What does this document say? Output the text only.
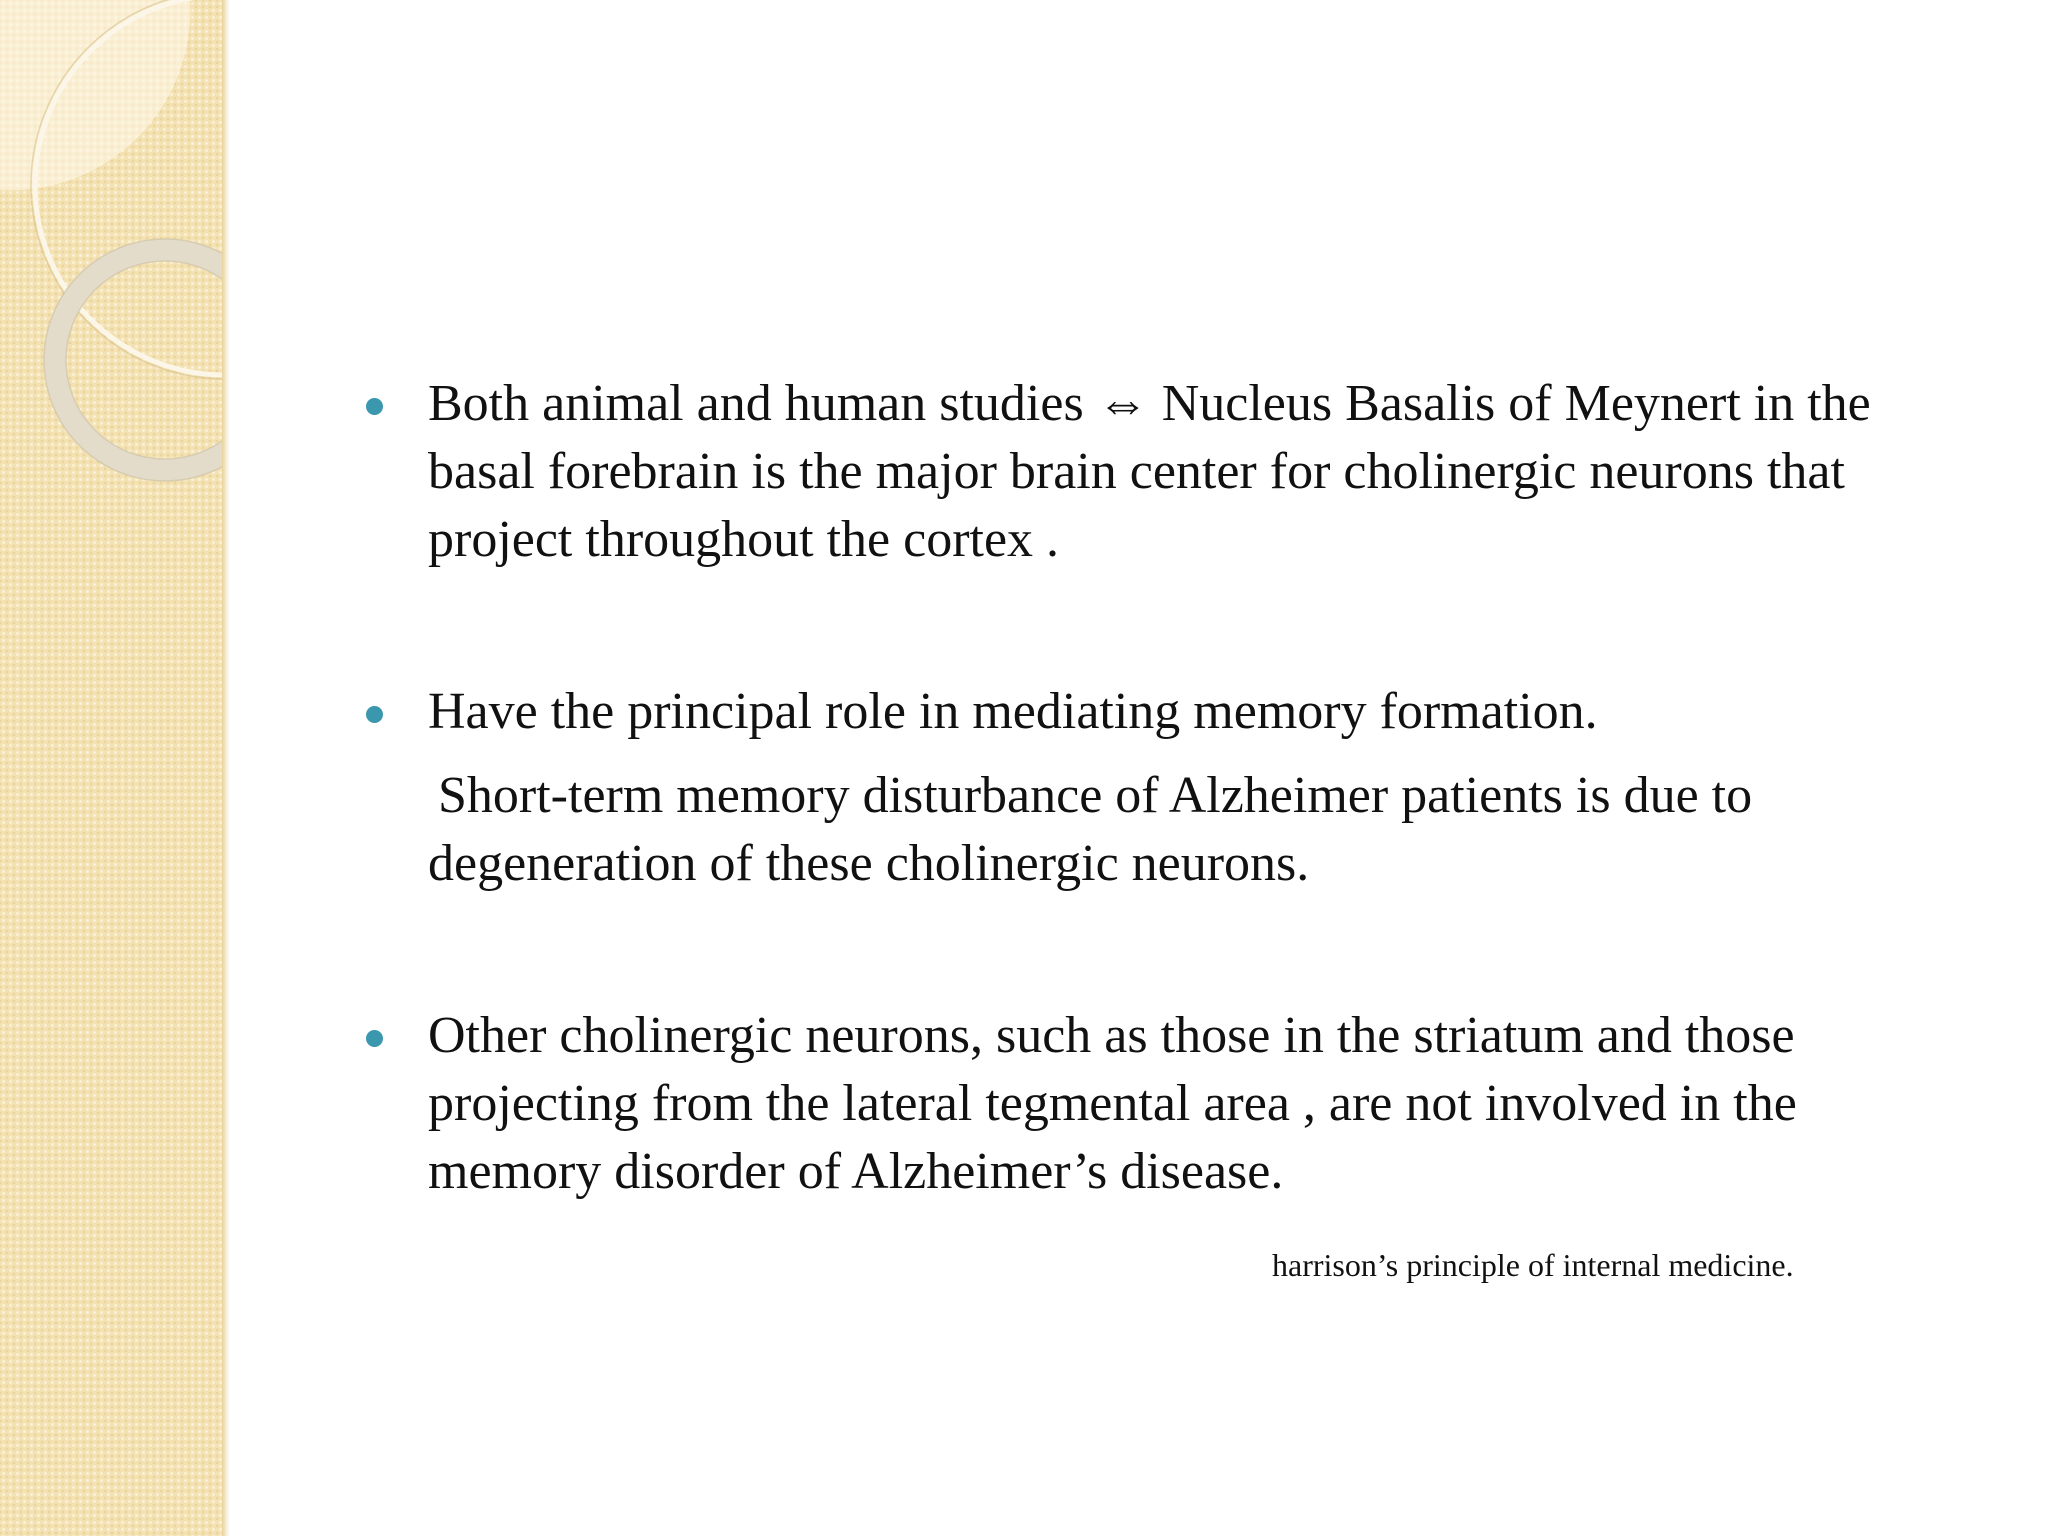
Both animal and human studies ⇔ Nucleus Basalis of Meynert in the basal forebrain is the major brain center for cholinergic neurons that project throughout the cortex .
Have the principal role in mediating memory formation.
Short-term memory disturbance of Alzheimer patients is due to degeneration of these cholinergic neurons.
Other cholinergic neurons, such as those in the striatum and those projecting from the lateral tegmental area , are not involved in the memory disorder of Alzheimer’s disease.
harrison’s principle of internal medicine.
